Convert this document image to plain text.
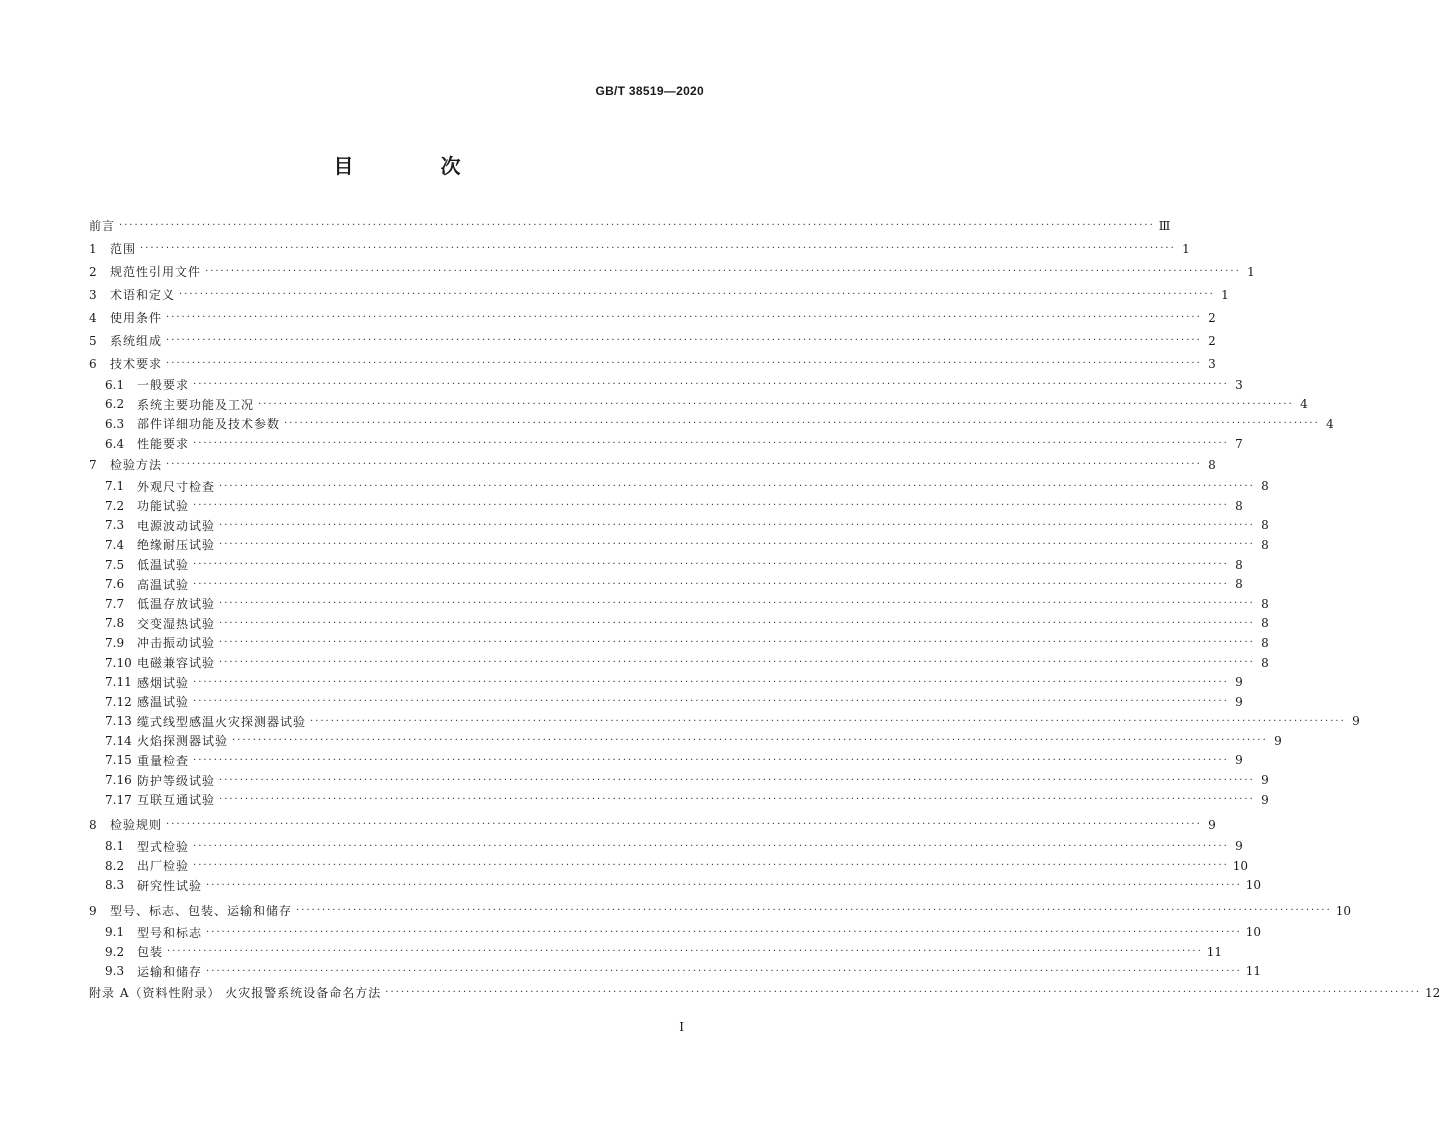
GB/T 38519—2020
目 次
前言 ········································································································································································································ Ⅲ
1	范围 ········································································································································································································ 1
2	规范性引用文件 ········································································································································································································ 1
3	术语和定义 ········································································································································································································ 1
4	使用条件 ········································································································································································································ 2
5	系统组成 ········································································································································································································ 2
6	技术要求 ········································································································································································································ 3
6.1	一般要求 ········································································································································································································ 3
6.2	系统主要功能及工况 ········································································································································································································ 4
6.3	部件详细功能及技术参数 ········································································································································································································ 4
6.4	性能要求 ········································································································································································································ 7
7	检验方法 ········································································································································································································ 8
7.1	外观尺寸检查 ········································································································································································································ 8
7.2	功能试验 ········································································································································································································ 8
7.3	电源波动试验 ········································································································································································································ 8
7.4	绝缘耐压试验 ········································································································································································································ 8
7.5	低温试验 ········································································································································································································ 8
7.6	高温试验 ········································································································································································································ 8
7.7	低温存放试验 ········································································································································································································ 8
7.8	交变湿热试验 ········································································································································································································ 8
7.9	冲击振动试验 ········································································································································································································ 8
7.10 电磁兼容试验 ········································································································································································································ 8
7.11 感烟试验 ········································································································································································································ 9
7.12 感温试验 ········································································································································································································ 9
7.13 缆式线型感温火灾探测器试验 ········································································································································································································ 9
7.14 火焰探测器试验 ········································································································································································································ 9
7.15 重量检查 ········································································································································································································ 9
7.16 防护等级试验 ········································································································································································································ 9
7.17 互联互通试验 ········································································································································································································ 9
8	检验规则 ········································································································································································································ 9
8.1	型式检验 ········································································································································································································ 9
8.2	出厂检验 ········································································································································································································ 10
8.3	研究性试验 ········································································································································································································ 10
9	型号、标志、包装、运输和储存 ········································································································································································································ 10
9.1	型号和标志 ········································································································································································································ 10
9.2	包装 ········································································································································································································ 11
9.3	运输和储存 ········································································································································································································ 11
附录 A（资料性附录） 火灾报警系统设备命名方法 ········································································································································································································ 12
Ⅰ
